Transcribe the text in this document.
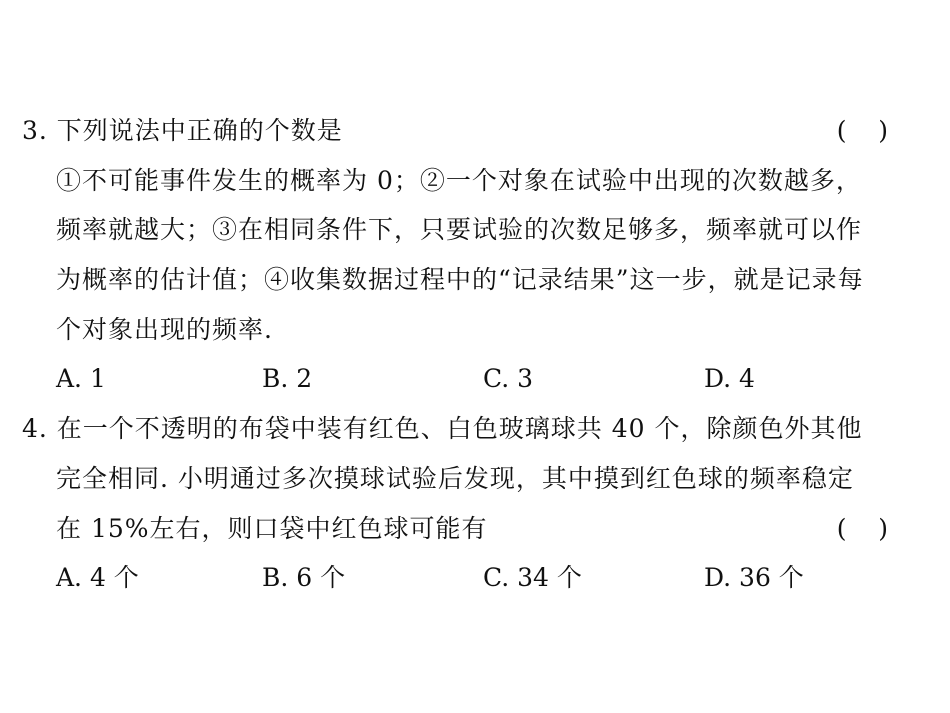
3. 下列说法中正确的个数是	(    )
①不可能事件发生的概率为 0；②一个对象在试验中出现的次数越多，
频率就越大；③在相同条件下，只要试验的次数足够多，频率就可以作
为概率的估计值；④收集数据过程中的“记录结果”这一步，就是记录每
个对象出现的频率.
A. 1	B. 2	C. 3	D. 4
4. 在一个不透明的布袋中装有红色、白色玻璃球共 40 个，除颜色外其他
完全相同. 小明通过多次摸球试验后发现，其中摸到红色球的频率稳定
在 15%左右，则口袋中红色球可能有	(    )
A. 4 个	B. 6 个	C. 34 个	D. 36 个
